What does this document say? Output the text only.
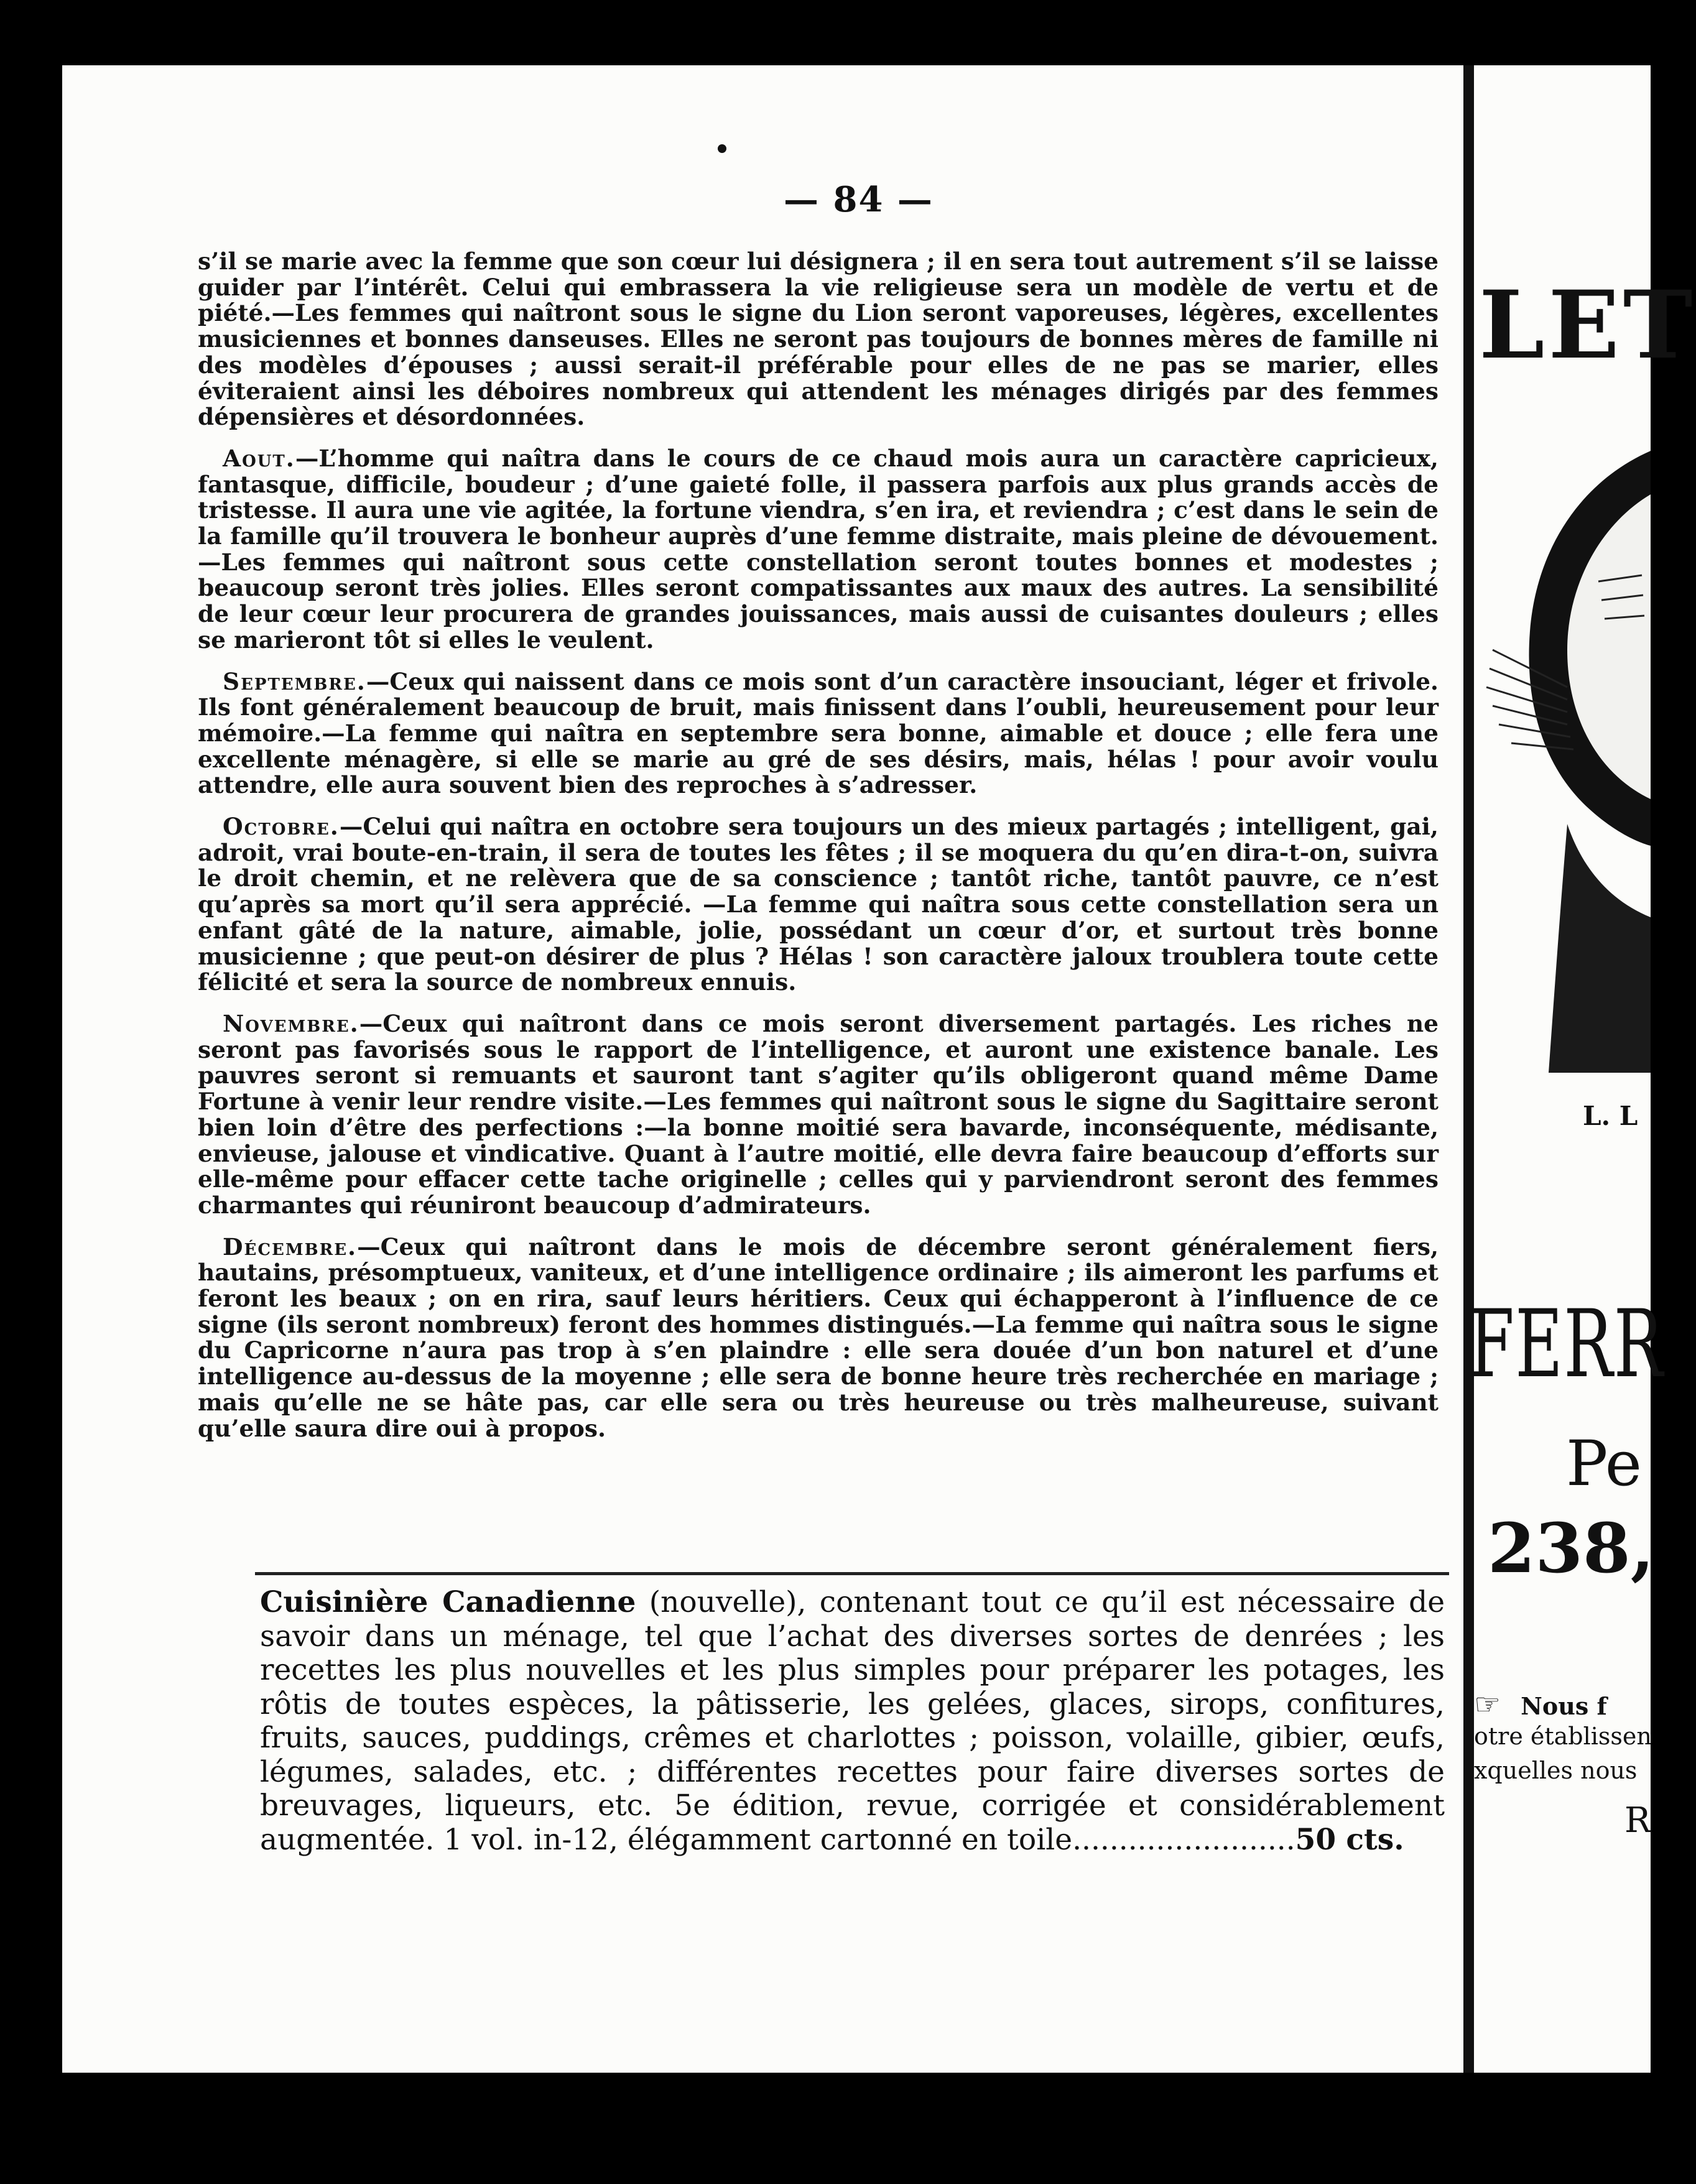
— 84 —

s’il se marie avec la femme que son cœur lui désignera ; il en sera tout autrement s’il se laisse guider par l’intérêt. Celui qui embrassera la vie religieuse sera un modèle de vertu et de piété.—Les femmes qui naîtront sous le signe du Lion seront vaporeuses, légères, excellentes musiciennes et bonnes danseuses. Elles ne seront pas toujours de bonnes mères de famille ni des modèles d’épouses ; aussi serait-il préférable pour elles de ne pas se marier, elles éviteraient ainsi les déboires nombreux qui attendent les ménages dirigés par des femmes dépensières et désordonnées.

Aout.—L’homme qui naîtra dans le cours de ce chaud mois aura un caractère capricieux, fantasque, difficile, boudeur ; d’une gaieté folle, il passera parfois aux plus grands accès de tristesse. Il aura une vie agitée, la fortune viendra, s’en ira, et reviendra ; c’est dans le sein de la famille qu’il trouvera le bonheur auprès d’une femme distraite, mais pleine de dévouement.—Les femmes qui naîtront sous cette constellation seront toutes bonnes et modestes ; beaucoup seront très jolies. Elles seront compatissantes aux maux des autres. La sensibilité de leur cœur leur procurera de grandes jouissances, mais aussi de cuisantes douleurs ; elles se marieront tôt si elles le veulent.

Septembre.—Ceux qui naissent dans ce mois sont d’un caractère insouciant, léger et frivole. Ils font généralement beaucoup de bruit, mais finissent dans l’oubli, heureusement pour leur mémoire.—La femme qui naîtra en septembre sera bonne, aimable et douce ; elle fera une excellente ménagère, si elle se marie au gré de ses désirs, mais, hélas ! pour avoir voulu attendre, elle aura souvent bien des reproches à s’adresser.

Octobre.—Celui qui naîtra en octobre sera toujours un des mieux partagés ; intelligent, gai, adroit, vrai boute-en-train, il sera de toutes les fêtes ; il se moquera du qu’en dira-t-on, suivra le droit chemin, et ne relèvera que de sa conscience ; tantôt riche, tantôt pauvre, ce n’est qu’après sa mort qu’il sera apprécié. —La femme qui naîtra sous cette constellation sera un enfant gâté de la nature, aimable, jolie, possédant un cœur d’or, et surtout très bonne musicienne ; que peut-on désirer de plus ? Hélas ! son caractère jaloux troublera toute cette félicité et sera la source de nombreux ennuis.

Novembre.—Ceux qui naîtront dans ce mois seront diversement partagés. Les riches ne seront pas favorisés sous le rapport de l’intelligence, et auront une existence banale. Les pauvres seront si remuants et sauront tant s’agiter qu’ils obligeront quand même Dame Fortune à venir leur rendre visite.—Les femmes qui naîtront sous le signe du Sagittaire seront bien loin d’être des perfections :—la bonne moitié sera bavarde, inconséquente, médisante, envieuse, jalouse et vindicative. Quant à l’autre moitié, elle devra faire beaucoup d’efforts sur elle-même pour effacer cette tache originelle ; celles qui y parviendront seront des femmes charmantes qui réuniront beaucoup d’admirateurs.

Décembre.—Ceux qui naîtront dans le mois de décembre seront généralement fiers, hautains, présomptueux, vaniteux, et d’une intelligence ordinaire ; ils aimeront les parfums et feront les beaux ; on en rira, sauf leurs héritiers. Ceux qui échapperont à l’influence de ce signe (ils seront nombreux) feront des hommes distingués.—La femme qui naîtra sous le signe du Capricorne n’aura pas trop à s’en plaindre : elle sera douée d’un bon naturel et d’une intelligence au-dessus de la moyenne ; elle sera de bonne heure très recherchée en mariage ; mais qu’elle ne se hâte pas, car elle sera ou très heureuse ou très malheureuse, suivant qu’elle saura dire oui à propos.

Cuisinière Canadienne (nouvelle), contenant tout ce qu’il est nécessaire de savoir dans un ménage, tel que l’achat des diverses sortes de denrées ; les recettes les plus nouvelles et les plus simples pour préparer les potages, les rôtis de toutes espèces, la pâtisserie, les gelées, glaces, sirops, confitures, fruits, sauces, puddings, crêmes et charlottes ; poisson, volaille, gibier, œufs, légumes, salades, etc. ; différentes recettes pour faire diverses sortes de breuvages, liqueurs, etc. 5e édition, revue, corrigée et considérablement augmentée. 1 vol. in-12, élégamment cartonné en toile........................50 cts.
LET
L. L
FERR
Pe
238,
☞ Nous f
otre établissen
xquelles nous
R
